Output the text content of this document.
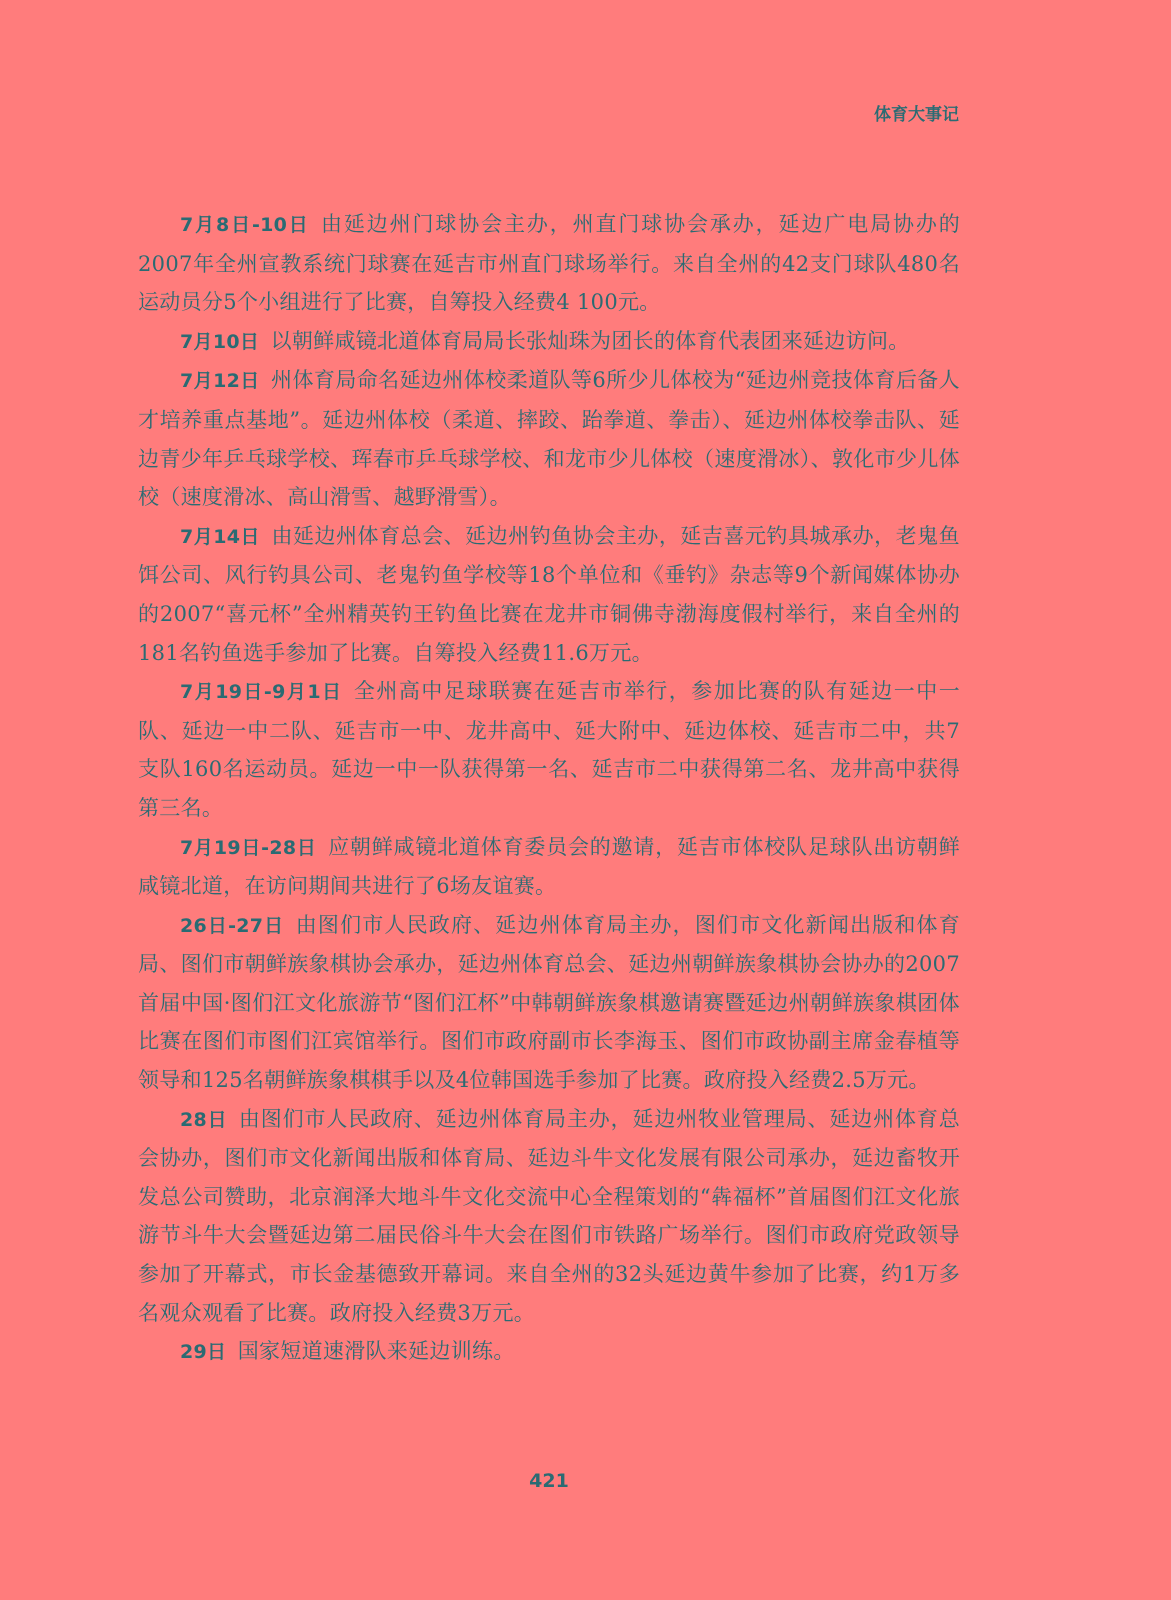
体育大事记

7月8日-10日 由延边州门球协会主办，州直门球协会承办，延边广电局协办的2007年全州宣教系统门球赛在延吉市州直门球场举行。来自全州的42支门球队480名运动员分5个小组进行了比赛，自筹投入经费4 100元。

7月10日 以朝鲜咸镜北道体育局局长张灿珠为团长的体育代表团来延边访问。

7月12日 州体育局命名延边州体校柔道队等6所少儿体校为“延边州竞技体育后备人才培养重点基地”。延边州体校（柔道、摔跤、跆拳道、拳击）、延边州体校拳击队、延边青少年乒乓球学校、珲春市乒乓球学校、和龙市少儿体校（速度滑冰）、敦化市少儿体校（速度滑冰、高山滑雪、越野滑雪）。

7月14日 由延边州体育总会、延边州钓鱼协会主办，延吉喜元钓具城承办，老鬼鱼饵公司、风行钓具公司、老鬼钓鱼学校等18个单位和《垂钓》杂志等9个新闻媒体协办的2007“喜元杯”全州精英钓王钓鱼比赛在龙井市铜佛寺渤海度假村举行，来自全州的181名钓鱼选手参加了比赛。自筹投入经费11.6万元。

7月19日-9月1日 全州高中足球联赛在延吉市举行，参加比赛的队有延边一中一队、延边一中二队、延吉市一中、龙井高中、延大附中、延边体校、延吉市二中，共7支队160名运动员。延边一中一队获得第一名、延吉市二中获得第二名、龙井高中获得第三名。

7月19日-28日 应朝鲜咸镜北道体育委员会的邀请，延吉市体校队足球队出访朝鲜咸镜北道，在访问期间共进行了6场友谊赛。

26日-27日 由图们市人民政府、延边州体育局主办，图们市文化新闻出版和体育局、图们市朝鲜族象棋协会承办，延边州体育总会、延边州朝鲜族象棋协会协办的2007首届中国·图们江文化旅游节“图们江杯”中韩朝鲜族象棋邀请赛暨延边州朝鲜族象棋团体比赛在图们市图们江宾馆举行。图们市政府副市长李海玉、图们市政协副主席金春植等领导和125名朝鲜族象棋棋手以及4位韩国选手参加了比赛。政府投入经费2.5万元。

28日 由图们市人民政府、延边州体育局主办，延边州牧业管理局、延边州体育总会协办，图们市文化新闻出版和体育局、延边斗牛文化发展有限公司承办，延边畜牧开发总公司赞助，北京润泽大地斗牛文化交流中心全程策划的“犇福杯”首届图们江文化旅游节斗牛大会暨延边第二届民俗斗牛大会在图们市铁路广场举行。图们市政府党政领导参加了开幕式，市长金基德致开幕词。来自全州的32头延边黄牛参加了比赛，约1万多名观众观看了比赛。政府投入经费3万元。

29日 国家短道速滑队来延边训练。

421
